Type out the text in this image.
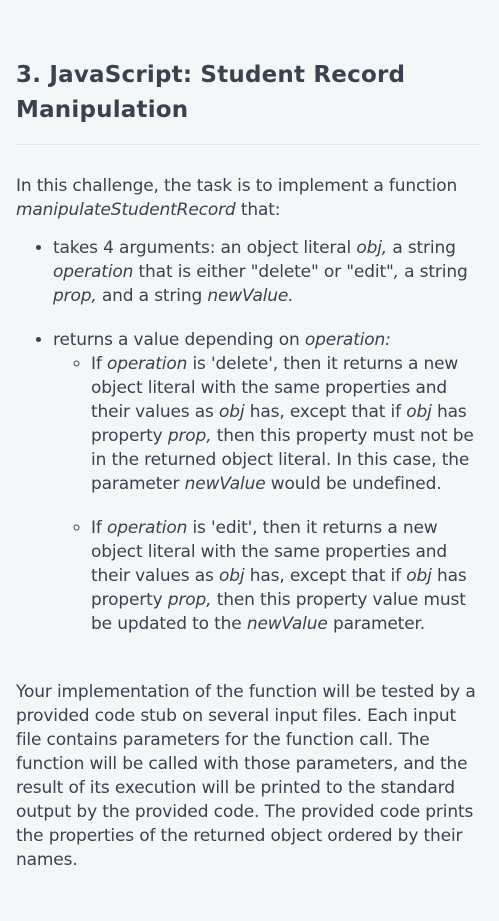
3. JavaScript: Student Record Manipulation

In this challenge, the task is to implement a function manipulateStudentRecord that:

• takes 4 arguments: an object literal obj, a string operation that is either "delete" or "edit", a string prop, and a string newValue.
• returns a value depending on operation:
◦ If operation is 'delete', then it returns a new object literal with the same properties and their values as obj has, except that if obj has property prop, then this property must not be in the returned object literal. In this case, the parameter newValue would be undefined.
◦ If operation is 'edit', then it returns a new object literal with the same properties and their values as obj has, except that if obj has property prop, then this property value must be updated to the newValue parameter.

Your implementation of the function will be tested by a provided code stub on several input files. Each input file contains parameters for the function call. The function will be called with those parameters, and the result of its execution will be printed to the standard output by the provided code. The provided code prints the properties of the returned object ordered by their names.
